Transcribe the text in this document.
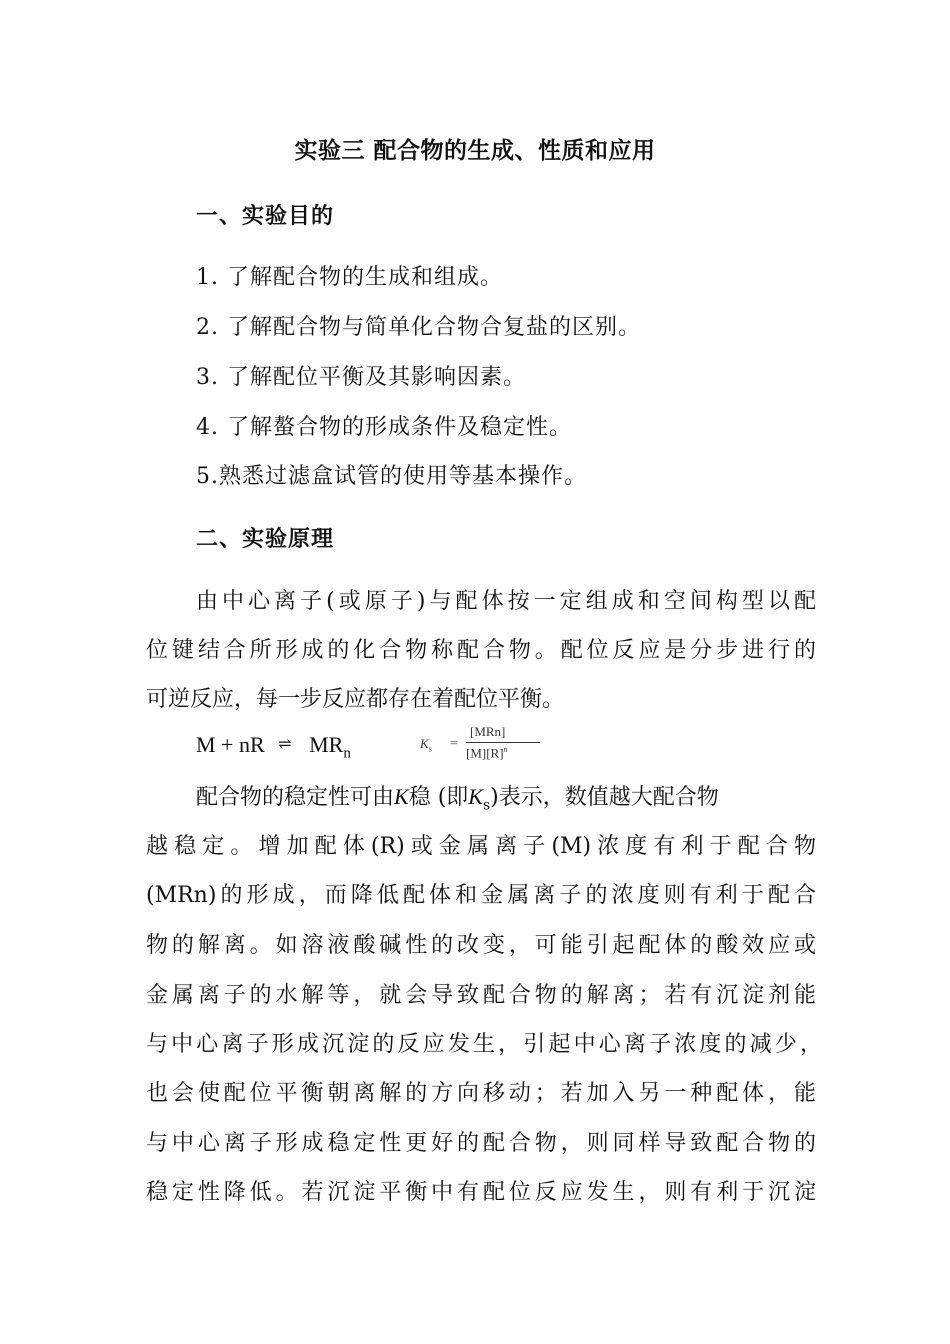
实验三 配合物的生成、性质和应用
一、实验目的
1. 了解配合物的生成和组成。
2. 了解配合物与简单化合物合复盐的区别。
3. 了解配位平衡及其影响因素。
4. 了解螯合物的形成条件及稳定性。
5.熟悉过滤盒试管的使用等基本操作。
二、实验原理
由中心离子(或原子)与配体按一定组成和空间构型以配
位键结合所形成的化合物称配合物。配位反应是分步进行的
可逆反应，每一步反应都存在着配位平衡。
M + nR ⇌ $MR_n$
$K_s$ =
[MRn]
$[M][R]^n$
配合物的稳定性可由K稳 (即$K_s$)表示，数值越大配合物
越稳定。增加配体(R)或金属离子(M)浓度有利于配合物
(MRn)的形成，而降低配体和金属离子的浓度则有利于配合
物的解离。如溶液酸碱性的改变，可能引起配体的酸效应或
金属离子的水解等，就会导致配合物的解离；若有沉淀剂能
与中心离子形成沉淀的反应发生，引起中心离子浓度的减少，
也会使配位平衡朝离解的方向移动；若加入另一种配体，能
与中心离子形成稳定性更好的配合物，则同样导致配合物的
稳定性降低。若沉淀平衡中有配位反应发生，则有利于沉淀
